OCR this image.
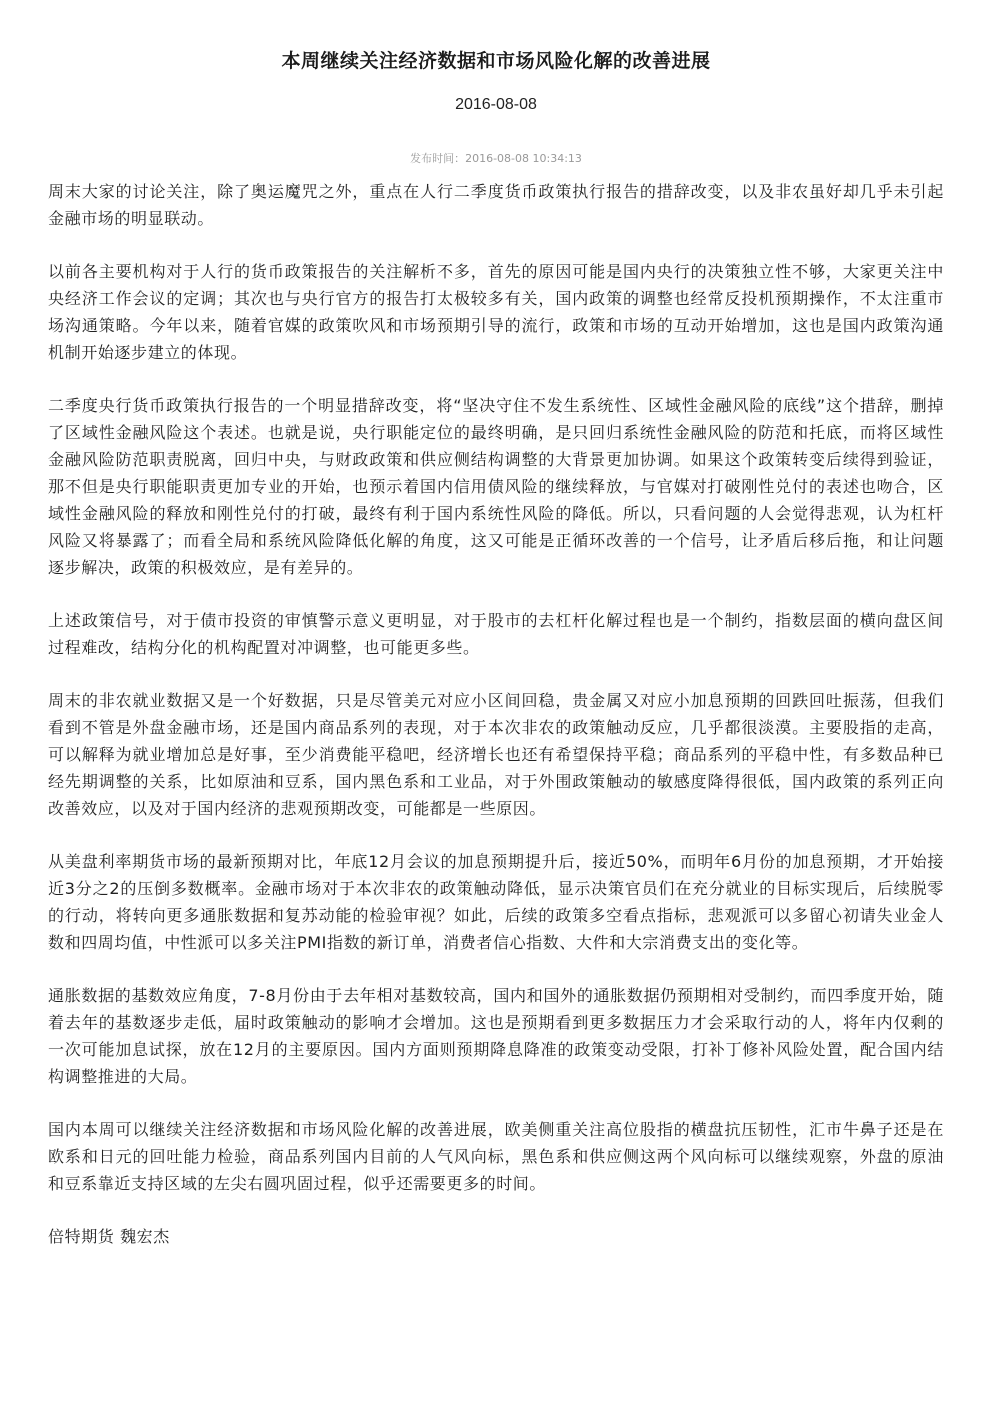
本周继续关注经济数据和市场风险化解的改善进展
2016-08-08
发布时间：2016-08-08 10:34:13

周末大家的讨论关注，除了奥运魔咒之外，重点在人行二季度货币政策执行报告的措辞改变，以及非农虽好却几乎未引起金融市场的明显联动。

以前各主要机构对于人行的货币政策报告的关注解析不多，首先的原因可能是国内央行的决策独立性不够，大家更关注中央经济工作会议的定调；其次也与央行官方的报告打太极较多有关，国内政策的调整也经常反投机预期操作，不太注重市场沟通策略。今年以来，随着官媒的政策吹风和市场预期引导的流行，政策和市场的互动开始增加，这也是国内政策沟通机制开始逐步建立的体现。

二季度央行货币政策执行报告的一个明显措辞改变，将“坚决守住不发生系统性、区域性金融风险的底线”这个措辞，删掉了区域性金融风险这个表述。也就是说，央行职能定位的最终明确，是只回归系统性金融风险的防范和托底，而将区域性金融风险防范职责脱离，回归中央，与财政政策和供应侧结构调整的大背景更加协调。如果这个政策转变后续得到验证，那不但是央行职能职责更加专业的开始，也预示着国内信用债风险的继续释放，与官媒对打破刚性兑付的表述也吻合，区域性金融风险的释放和刚性兑付的打破，最终有利于国内系统性风险的降低。所以，只看问题的人会觉得悲观，认为杠杆风险又将暴露了；而看全局和系统风险降低化解的角度，这又可能是正循环改善的一个信号，让矛盾后移后拖，和让问题逐步解决，政策的积极效应，是有差异的。

上述政策信号，对于债市投资的审慎警示意义更明显，对于股市的去杠杆化解过程也是一个制约，指数层面的横向盘区间过程难改，结构分化的机构配置对冲调整，也可能更多些。

周末的非农就业数据又是一个好数据，只是尽管美元对应小区间回稳，贵金属又对应小加息预期的回跌回吐振荡，但我们看到不管是外盘金融市场，还是国内商品系列的表现，对于本次非农的政策触动反应，几乎都很淡漠。主要股指的走高，可以解释为就业增加总是好事，至少消费能平稳吧，经济增长也还有希望保持平稳；商品系列的平稳中性，有多数品种已经先期调整的关系，比如原油和豆系，国内黑色系和工业品，对于外围政策触动的敏感度降得很低，国内政策的系列正向改善效应，以及对于国内经济的悲观预期改变，可能都是一些原因。

从美盘利率期货市场的最新预期对比，年底12月会议的加息预期提升后，接近50%，而明年6月份的加息预期，才开始接近3分之2的压倒多数概率。金融市场对于本次非农的政策触动降低，显示决策官员们在充分就业的目标实现后，后续脱零的行动，将转向更多通胀数据和复苏动能的检验审视？如此，后续的政策多空看点指标，悲观派可以多留心初请失业金人数和四周均值，中性派可以多关注PMI指数的新订单，消费者信心指数、大件和大宗消费支出的变化等。

通胀数据的基数效应角度，7-8月份由于去年相对基数较高，国内和国外的通胀数据仍预期相对受制约，而四季度开始，随着去年的基数逐步走低，届时政策触动的影响才会增加。这也是预期看到更多数据压力才会采取行动的人，将年内仅剩的一次可能加息试探，放在12月的主要原因。国内方面则预期降息降准的政策变动受限，打补丁修补风险处置，配合国内结构调整推进的大局。

国内本周可以继续关注经济数据和市场风险化解的改善进展，欧美侧重关注高位股指的横盘抗压韧性，汇市牛鼻子还是在欧系和日元的回吐能力检验，商品系列国内目前的人气风向标，黑色系和供应侧这两个风向标可以继续观察，外盘的原油和豆系靠近支持区域的左尖右圆巩固过程，似乎还需要更多的时间。

倍特期货 魏宏杰
